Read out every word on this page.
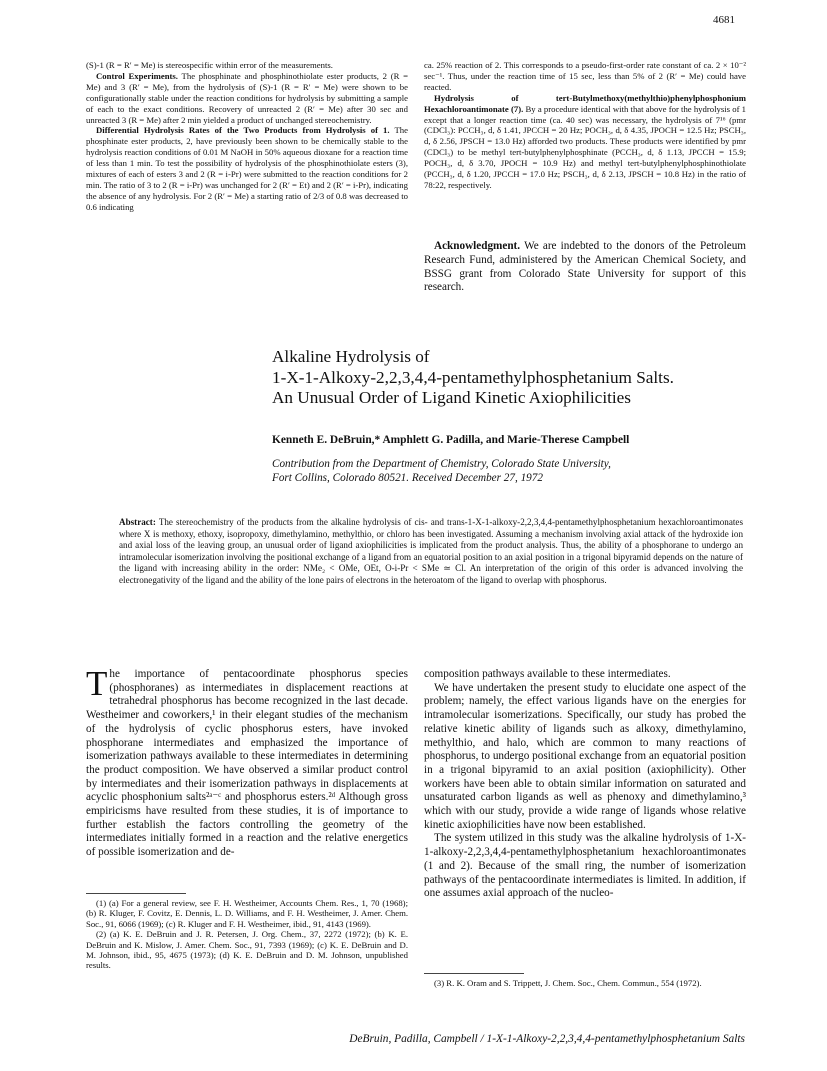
4681

(S)-1 (R = R′ = Me) is stereospecific within error of the measurements.

Control Experiments. The phosphinate and phosphinothiolate ester products, 2 (R = Me) and 3 (R′ = Me), from the hydrolysis of (S)-1 (R = R′ = Me) were shown to be configurationally stable under the reaction conditions for hydrolysis by submitting a sample of each to the exact conditions. Recovery of unreacted 2 (R′ = Me) after 30 sec and unreacted 3 (R = Me) after 2 min yielded a product of unchanged stereochemistry.

Differential Hydrolysis Rates of the Two Products from Hydrolysis of 1. The phosphinate ester products, 2, have previously been shown to be chemically stable to the hydrolysis reaction conditions of 0.01 M NaOH in 50% aqueous dioxane for a reaction time of less than 1 min. To test the possibility of hydrolysis of the phosphinothiolate esters (3), mixtures of each of esters 3 and 2 (R = i-Pr) were submitted to the reaction conditions for 2 min. The ratio of 3 to 2 (R = i-Pr) was unchanged for 2 (R′ = Et) and 2 (R′ = i-Pr), indicating the absence of any hydrolysis. For 2 (R′ = Me) a starting ratio of 2/3 of 0.8 was decreased to 0.6 indicating

ca. 25% reaction of 2. This corresponds to a pseudo-first-order rate constant of ca. 2 × 10⁻² sec⁻¹. Thus, under the reaction time of 15 sec, less than 5% of 2 (R′ = Me) could have reacted.

Hydrolysis of tert-Butylmethoxy(methylthio)phenylphosphonium Hexachloroantimonate (7). By a procedure identical with that above for the hydrolysis of 1 except that a longer reaction time (ca. 40 sec) was necessary, the hydrolysis of 7¹⁶ (pmr (CDCl₃): PCCH₃, d, δ 1.41, JPCCH = 20 Hz; POCH₃, d, δ 4.35, JPOCH = 12.5 Hz; PSCH₃, d, δ 2.56, JPSCH = 13.0 Hz) afforded two products. These products were identified by pmr (CDCl₃) to be methyl tert-butylphenylphosphinate (PCCH₃, d, δ 1.13, JPCCH = 15.9; POCH₃, d, δ 3.70, JPOCH = 10.9 Hz) and methyl tert-butylphenylphosphinothiolate (PCCH₃, d, δ 1.20, JPCCH = 17.0 Hz; PSCH₃, d, δ 2.13, JPSCH = 10.8 Hz) in the ratio of 78:22, respectively.

Acknowledgment. We are indebted to the donors of the Petroleum Research Fund, administered by the American Chemical Society, and BSSG grant from Colorado State University for support of this research.

Alkaline Hydrolysis of
1-X-1-Alkoxy-2,2,3,4,4-pentamethylphosphetanium Salts.
An Unusual Order of Ligand Kinetic Axiophilicities
Kenneth E. DeBruin,* Amphlett G. Padilla, and Marie-Therese Campbell
Contribution from the Department of Chemistry, Colorado State University,
Fort Collins, Colorado 80521. Received December 27, 1972
Abstract: The stereochemistry of the products from the alkaline hydrolysis of cis- and trans-1-X-1-alkoxy-2,2,3,4,4-pentamethylphosphetanium hexachloroantimonates where X is methoxy, ethoxy, isopropoxy, dimethylamino, methylthio, or chloro has been investigated. Assuming a mechanism involving axial attack of the hydroxide ion and axial loss of the leaving group, an unusual order of ligand axiophilicities is implicated from the product analysis. Thus, the ability of a phosphorane to undergo an intramolecular isomerization involving the positional exchange of a ligand from an equatorial position to an axial position in a trigonal bipyramid depends on the nature of the ligand with increasing ability in the order: NMe₂ < OMe, OEt, O-i-Pr < SMe ≃ Cl. An interpretation of the origin of this order is advanced involving the electronegativity of the ligand and the ability of the lone pairs of electrons in the heteroatom of the ligand to overlap with phosphorus.

The importance of pentacoordinate phosphorus species (phosphoranes) as intermediates in displacement reactions at tetrahedral phosphorus has become recognized in the last decade. Westheimer and coworkers,¹ in their elegant studies of the mechanism of the hydrolysis of cyclic phosphorus esters, have invoked phosphorane intermediates and emphasized the importance of isomerization pathways available to these intermediates in determining the product composition. We have observed a similar product control by intermediates and their isomerization pathways in displacements at acyclic phosphonium salts²ᵃ⁻ᶜ and phosphorus esters.²ᵈ Although gross empiricisms have resulted from these studies, it is of importance to further establish the factors controlling the geometry of the intermediates initially formed in a reaction and the relative energetics of possible isomerization and de-

(1) (a) For a general review, see F. H. Westheimer, Accounts Chem. Res., 1, 70 (1968); (b) R. Kluger, F. Covitz, E. Dennis, L. D. Williams, and F. H. Westheimer, J. Amer. Chem. Soc., 91, 6066 (1969); (c) R. Kluger and F. H. Westheimer, ibid., 91, 4143 (1969).

(2) (a) K. E. DeBruin and J. R. Petersen, J. Org. Chem., 37, 2272 (1972); (b) K. E. DeBruin and K. Mislow, J. Amer. Chem. Soc., 91, 7393 (1969); (c) K. E. DeBruin and D. M. Johnson, ibid., 95, 4675 (1973); (d) K. E. DeBruin and D. M. Johnson, unpublished results.

composition pathways available to these intermediates.

We have undertaken the present study to elucidate one aspect of the problem; namely, the effect various ligands have on the energies for intramolecular isomerizations. Specifically, our study has probed the relative kinetic ability of ligands such as alkoxy, dimethylamino, methylthio, and halo, which are common to many reactions of phosphorus, to undergo positional exchange from an equatorial position in a trigonal bipyramid to an axial position (axiophilicity). Other workers have been able to obtain similar information on saturated and unsaturated carbon ligands as well as phenoxy and dimethylamino,³ which with our study, provide a wide range of ligands whose relative kinetic axiophilicities have now been established.

The system utilized in this study was the alkaline hydrolysis of 1-X-1-alkoxy-2,2,3,4,4-pentamethylphosphetanium hexachloroantimonates (1 and 2). Because of the small ring, the number of isomerization pathways of the pentacoordinate intermediates is limited. In addition, if one assumes axial approach of the nucleo-

(3) R. K. Oram and S. Trippett, J. Chem. Soc., Chem. Commun., 554 (1972).

DeBruin, Padilla, Campbell / 1-X-1-Alkoxy-2,2,3,4,4-pentamethylphosphetanium Salts
